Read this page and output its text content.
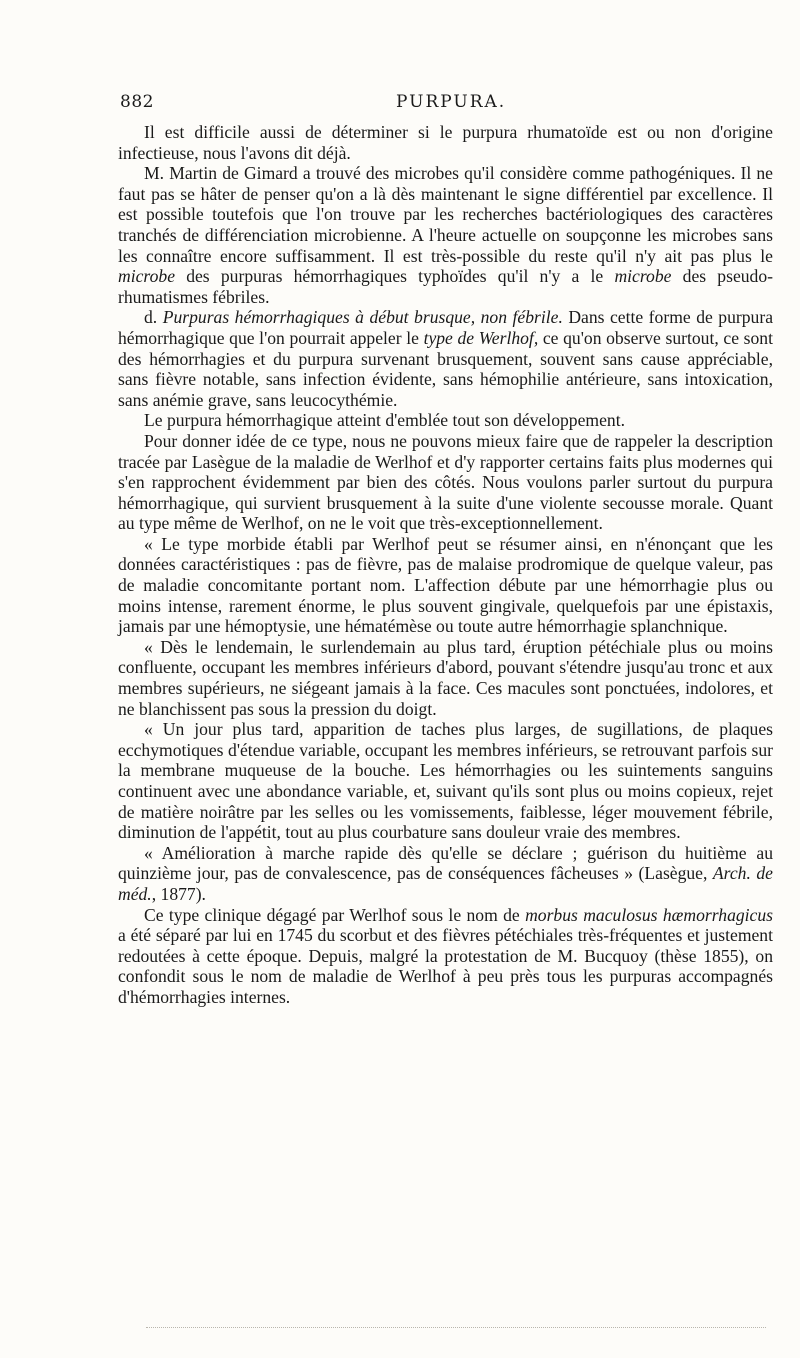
882	PURPURA.

Il est difficile aussi de déterminer si le purpura rhumatoïde est ou non d'origine infectieuse, nous l'avons dit déjà.

M. Martin de Gimard a trouvé des microbes qu'il considère comme pathogéniques. Il ne faut pas se hâter de penser qu'on a là dès maintenant le signe différentiel par excellence. Il est possible toutefois que l'on trouve par les recherches bactériologiques des caractères tranchés de différenciation microbienne. A l'heure actuelle on soupçonne les microbes sans les connaître encore suffisamment. Il est très-possible du reste qu'il n'y ait pas plus le microbe des purpuras hémorrhagiques typhoïdes qu'il n'y a le microbe des pseudo-rhumatismes fébriles.

d. Purpuras hémorrhagiques à début brusque, non fébrile. Dans cette forme de purpura hémorrhagique que l'on pourrait appeler le type de Werlhof, ce qu'on observe surtout, ce sont des hémorrhagies et du purpura survenant brusquement, souvent sans cause appréciable, sans fièvre notable, sans infection évidente, sans hémophilie antérieure, sans intoxication, sans anémie grave, sans leucocythémie.

Le purpura hémorrhagique atteint d'emblée tout son développement.

Pour donner idée de ce type, nous ne pouvons mieux faire que de rappeler la description tracée par Lasègue de la maladie de Werlhof et d'y rapporter certains faits plus modernes qui s'en rapprochent évidemment par bien des côtés. Nous voulons parler surtout du purpura hémorrhagique, qui survient brusquement à la suite d'une violente secousse morale. Quant au type même de Werlhof, on ne le voit que très-exceptionnellement.

« Le type morbide établi par Werlhof peut se résumer ainsi, en n'énonçant que les données caractéristiques : pas de fièvre, pas de malaise prodromique de quelque valeur, pas de maladie concomitante portant nom. L'affection débute par une hémorrhagie plus ou moins intense, rarement énorme, le plus souvent gingivale, quelquefois par une épistaxis, jamais par une hémoptysie, une hématémèse ou toute autre hémorrhagie splanchnique.

« Dès le lendemain, le surlendemain au plus tard, éruption pétéchiale plus ou moins confluente, occupant les membres inférieurs d'abord, pouvant s'étendre jusqu'au tronc et aux membres supérieurs, ne siégeant jamais à la face. Ces macules sont ponctuées, indolores, et ne blanchissent pas sous la pression du doigt.

« Un jour plus tard, apparition de taches plus larges, de sugillations, de plaques ecchymotiques d'étendue variable, occupant les membres inférieurs, se retrouvant parfois sur la membrane muqueuse de la bouche. Les hémorrhagies ou les suintements sanguins continuent avec une abondance variable, et, suivant qu'ils sont plus ou moins copieux, rejet de matière noirâtre par les selles ou les vomissements, faiblesse, léger mouvement fébrile, diminution de l'appétit, tout au plus courbature sans douleur vraie des membres.

« Amélioration à marche rapide dès qu'elle se déclare ; guérison du huitième au quinzième jour, pas de convalescence, pas de conséquences fâcheuses » (Lasègue, Arch. de méd., 1877).

Ce type clinique dégagé par Werlhof sous le nom de morbus maculosus hæmorrhagicus a été séparé par lui en 1745 du scorbut et des fièvres pétéchiales très-fréquentes et justement redoutées à cette époque. Depuis, malgré la protestation de M. Bucquoy (thèse 1855), on confondit sous le nom de maladie de Werlhof à peu près tous les purpuras accompagnés d'hémorrhagies internes.
